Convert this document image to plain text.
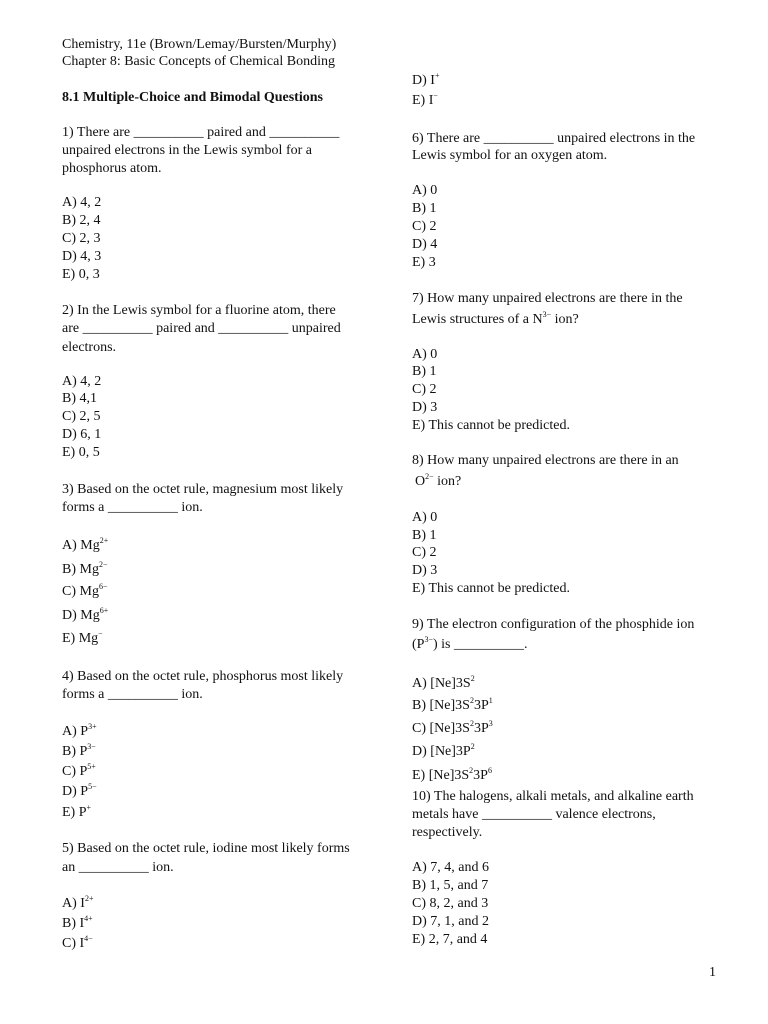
Chemistry, 11e (Brown/Lemay/Bursten/Murphy)
Chapter 8: Basic Concepts of Chemical Bonding
8.1 Multiple-Choice and Bimodal Questions
1) There are __________ paired and __________
unpaired electrons in the Lewis symbol for a
phosphorus atom.
A) 4, 2
B) 2, 4
C) 2, 3
D) 4, 3
E) 0, 3
2) In the Lewis symbol for a fluorine atom, there
are __________ paired and __________ unpaired
electrons.
A) 4, 2
B) 4,1
C) 2, 5
D) 6, 1
E) 0, 5
3) Based on the octet rule, magnesium most likely
forms a __________ ion.
A) $Mg^{2+}$
B) $Mg^{2-}$
C) $Mg^{6-}$
D) $Mg^{6+}$
E) Mg−
4) Based on the octet rule, phosphorus most likely
forms a __________ ion.
A) $P^{3+}$
B) $P^{3-}$
C) $P^{5+}$
D) $P^{5-}$
E) P+
5) Based on the octet rule, iodine most likely forms
an __________ ion.
A) $I^{2+}$
B) $I^{4+}$
C) $I^{4-}$
D) I+
E) I−
6) There are __________ unpaired electrons in the
Lewis symbol for an oxygen atom.
A) 0
B) 1
C) 2
D) 4
E) 3
7) How many unpaired electrons are there in the
Lewis structures of a $N^{3-}$ ion?
A) 0
B) 1
C) 2
D) 3
E) This cannot be predicted.
8) How many unpaired electrons are there in an
$O^{2-}$ ion?
A) 0
B) 1
C) 2
D) 3
E) This cannot be predicted.
9) The electron configuration of the phosphide ion
$(P^{3-})$ is __________.
A) $[Ne]3S^2$
B) $[Ne]3S^23P^1$
C) $[Ne]3S^23P^3$
D) $[Ne]3P^2$
E) $[Ne]3S^23P^6$
10) The halogens, alkali metals, and alkaline earth
metals have __________ valence electrons,
respectively.
A) 7, 4, and 6
B) 1, 5, and 7
C) 8, 2, and 3
D) 7, 1, and 2
E) 2, 7, and 4
1
